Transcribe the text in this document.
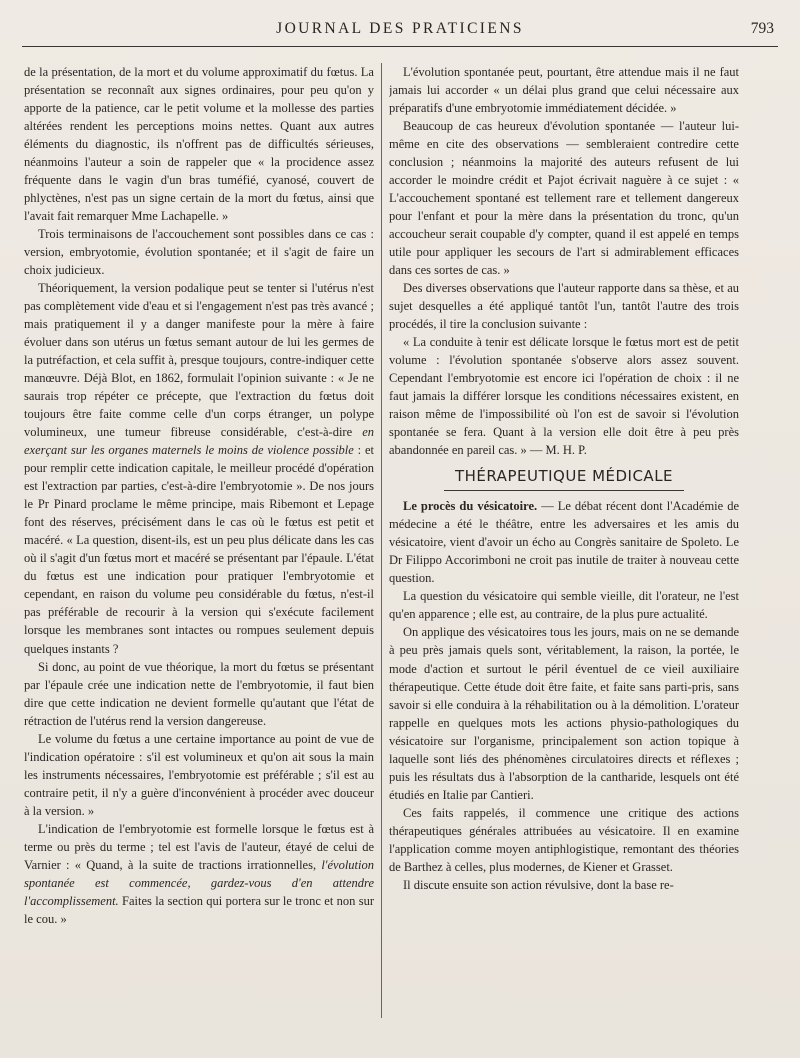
JOURNAL DES PRATICIENS	793

de la présentation, de la mort et du volume approximatif du fœtus. La présentation se reconnaît aux signes ordinaires, pour peu qu'on y apporte de la patience, car le petit volume et la mollesse des parties altérées rendent les perceptions moins nettes. Quant aux autres éléments du diagnostic, ils n'offrent pas de difficultés sérieuses, néanmoins l'auteur a soin de rappeler que « la procidence assez fréquente dans le vagin d'un bras tuméfié, cyanosé, couvert de phlyctènes, n'est pas un signe certain de la mort du fœtus, ainsi que l'avait fait remarquer Mme Lachapelle. »

Trois terminaisons de l'accouchement sont possibles dans ce cas : version, embryotomie, évolution spontanée; et il s'agit de faire un choix judicieux.

Théoriquement, la version podalique peut se tenter si l'utérus n'est pas complètement vide d'eau et si l'engagement n'est pas très avancé ; mais pratiquement il y a danger manifeste pour la mère à faire évoluer dans son utérus un fœtus semant autour de lui les germes de la putréfaction, et cela suffit à, presque toujours, contre-indiquer cette manœuvre. Déjà Blot, en 1862, formulait l'opinion suivante : « Je ne saurais trop répéter ce précepte, que l'extraction du fœtus doit toujours être faite comme celle d'un corps étranger, un polype volumineux, une tumeur fibreuse considérable, c'est-à-dire en exerçant sur les organes maternels le moins de violence possible : et pour remplir cette indication capitale, le meilleur procédé d'opération est l'extraction par parties, c'est-à-dire l'embryotomie ». De nos jours le Pr Pinard proclame le même principe, mais Ribemont et Lepage font des réserves, précisément dans le cas où le fœtus est petit et macéré. « La question, disent-ils, est un peu plus délicate dans les cas où il s'agit d'un fœtus mort et macéré se présentant par l'épaule. L'état du fœtus est une indication pour pratiquer l'embryotomie et cependant, en raison du volume peu considérable du fœtus, n'est-il pas préférable de recourir à la version qui s'exécute facilement lorsque les membranes sont intactes ou rompues seulement depuis quelques instants ?

Si donc, au point de vue théorique, la mort du fœtus se présentant par l'épaule crée une indication nette de l'embryotomie, il faut bien dire que cette indication ne devient formelle qu'autant que l'état de rétraction de l'utérus rend la version dangereuse.

Le volume du fœtus a une certaine importance au point de vue de l'indication opératoire : s'il est volumineux et qu'on ait sous la main les instruments nécessaires, l'embryotomie est préférable ; s'il est au contraire petit, il n'y a guère d'inconvénient à procéder avec douceur à la version. »

L'indication de l'embryotomie est formelle lorsque le fœtus est à terme ou près du terme ; tel est l'avis de l'auteur, étayé de celui de Varnier : « Quand, à la suite de tractions irrationnelles, l'évolution spontanée est commencée, gardez-vous d'en attendre l'accomplissement. Faites la section qui portera sur le tronc et non sur le cou. »

L'évolution spontanée peut, pourtant, être attendue mais il ne faut jamais lui accorder « un délai plus grand que celui nécessaire aux préparatifs d'une embryotomie immédiatement décidée. »

Beaucoup de cas heureux d'évolution spontanée — l'auteur lui-même en cite des observations — sembleraient contredire cette conclusion ; néanmoins la majorité des auteurs refusent de lui accorder le moindre crédit et Pajot écrivait naguère à ce sujet : « L'accouchement spontané est tellement rare et tellement dangereux pour l'enfant et pour la mère dans la présentation du tronc, qu'un accoucheur serait coupable d'y compter, quand il est appelé en temps utile pour appliquer les secours de l'art si admirablement efficaces dans ces sortes de cas. »

Des diverses observations que l'auteur rapporte dans sa thèse, et au sujet desquelles a été appliqué tantôt l'un, tantôt l'autre des trois procédés, il tire la conclusion suivante :

« La conduite à tenir est délicate lorsque le fœtus mort est de petit volume : l'évolution spontanée s'observe alors assez souvent. Cependant l'embryotomie est encore ici l'opération de choix : il ne faut jamais la différer lorsque les conditions nécessaires existent, en raison même de l'impossibilité où l'on est de savoir si l'évolution spontanée se fera. Quant à la version elle doit être à peu près abandonnée en pareil cas. » — M. H. P.

THÉRAPEUTIQUE MÉDICALE

Le procès du vésicatoire. — Le débat récent dont l'Académie de médecine a été le théâtre, entre les adversaires et les amis du vésicatoire, vient d'avoir un écho au Congrès sanitaire de Spoleto. Le Dr Filippo Accorimboni ne croit pas inutile de traiter à nouveau cette question.

La question du vésicatoire qui semble vieille, dit l'orateur, ne l'est qu'en apparence ; elle est, au contraire, de la plus pure actualité.

On applique des vésicatoires tous les jours, mais on ne se demande à peu près jamais quels sont, véritablement, la raison, la portée, le mode d'action et surtout le péril éventuel de ce vieil auxiliaire thérapeutique. Cette étude doit être faite, et faite sans parti-pris, sans savoir si elle conduira à la réhabilitation ou à la démolition. L'orateur rappelle en quelques mots les actions physio-pathologiques du vésicatoire sur l'organisme, principalement son action topique à laquelle sont liés des phénomènes circulatoires directs et réflexes ; puis les résultats dus à l'absorption de la cantharide, lesquels ont été étudiés en Italie par Cantieri.

Ces faits rappelés, il commence une critique des actions thérapeutiques générales attribuées au vésicatoire. Il en examine l'application comme moyen antiphlogistique, remontant des théories de Barthez à celles, plus modernes, de Kiener et Grasset.

Il discute ensuite son action révulsive, dont la base re-
